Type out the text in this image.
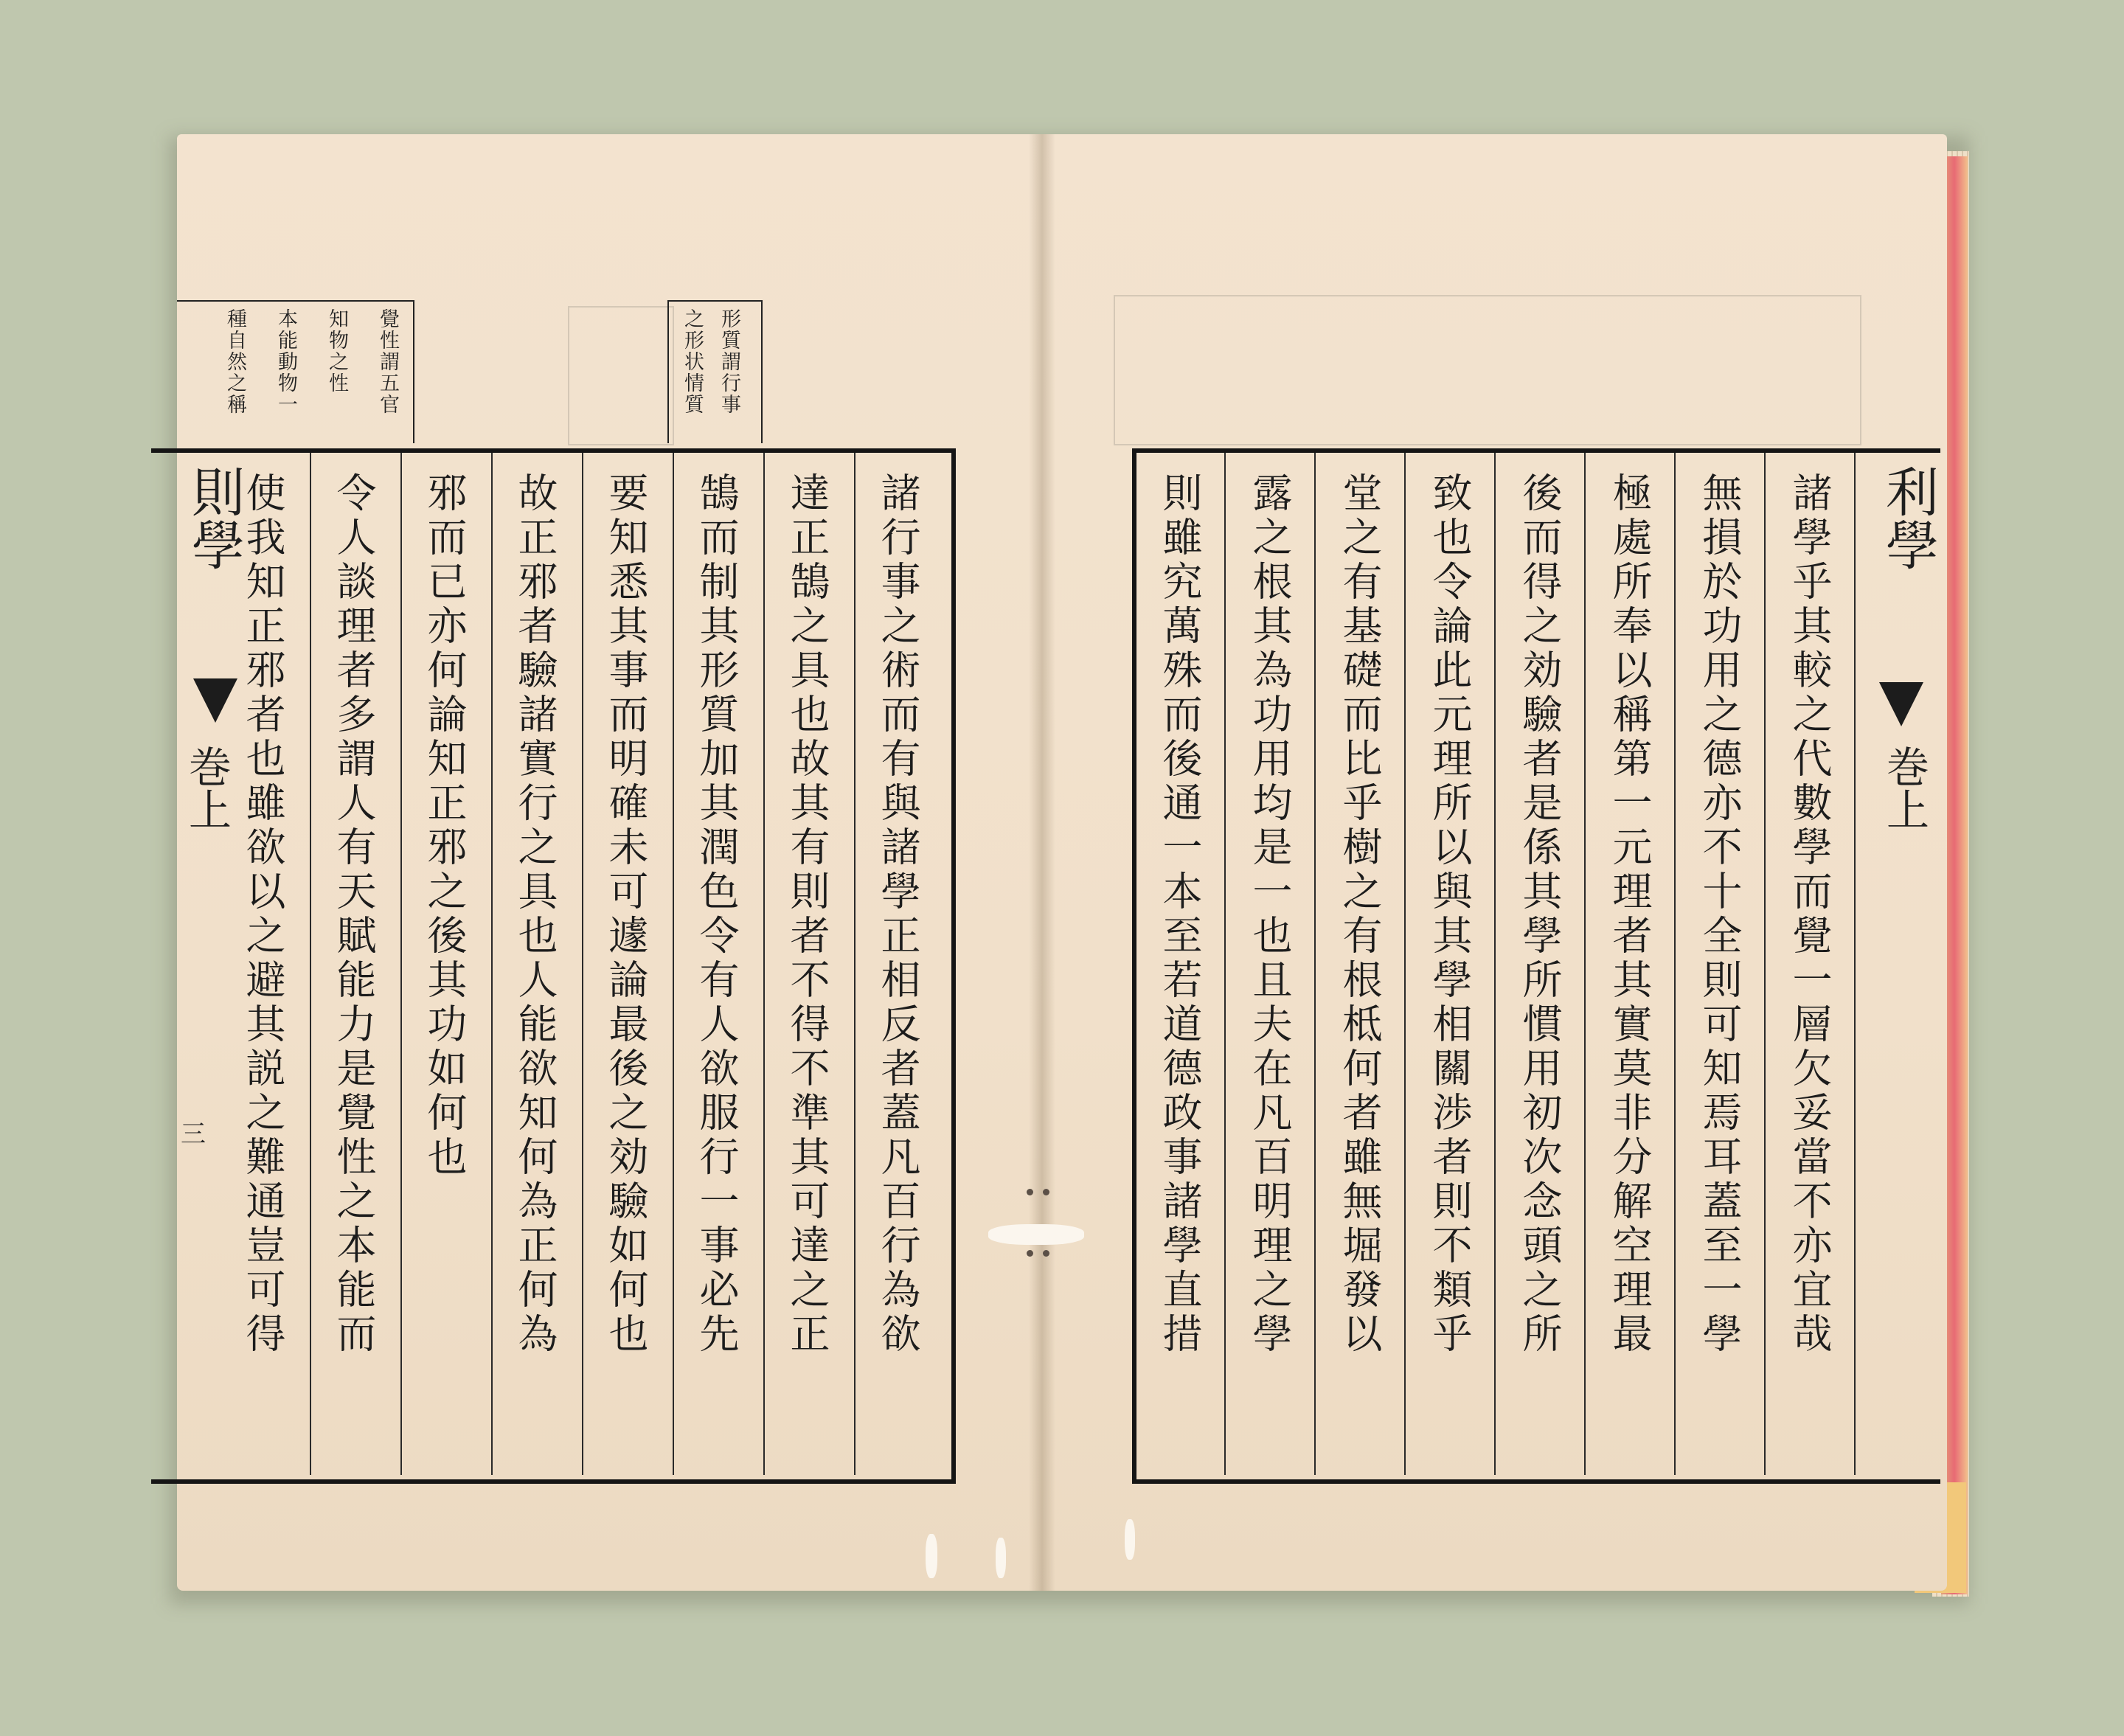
則學
巻上
三
覺性謂五官
知物之性
本能動物一
種自然之稱	形質謂行事
之形状情質
諸行事之術而有與諸學正相反者蓋凡百行為欲
達正鵠之具也故其有則者不得不準其可達之正
鵠而制其形質加其潤色令有人欲服行一事必先
要知悉其事而明確未可遽論最後之効驗如何也
故正邪者驗諸實行之具也人能欲知何為正何為
邪而已亦何論知正邪之後其功如何也
令人談理者多謂人有天賦能力是覺性之本能而
使我知正邪者也雖欲以之避其説之難通豈可得	諸學乎其較之代數學而覺一層欠妥當不亦宜哉
無損於功用之德亦不十全則可知焉耳蓋至一學
極處所奉以稱第一元理者其實莫非分解空理最
後而得之効驗者是係其學所慣用初次念頭之所
致也令論此元理所以與其學相關渉者則不類乎
堂之有基礎而比乎樹之有根柢何者雖無堀發以
露之根其為功用均是一也且夫在凡百明理之學
則雖究萬殊而後通一本至若道德政事諸學直措	利學
巻上
